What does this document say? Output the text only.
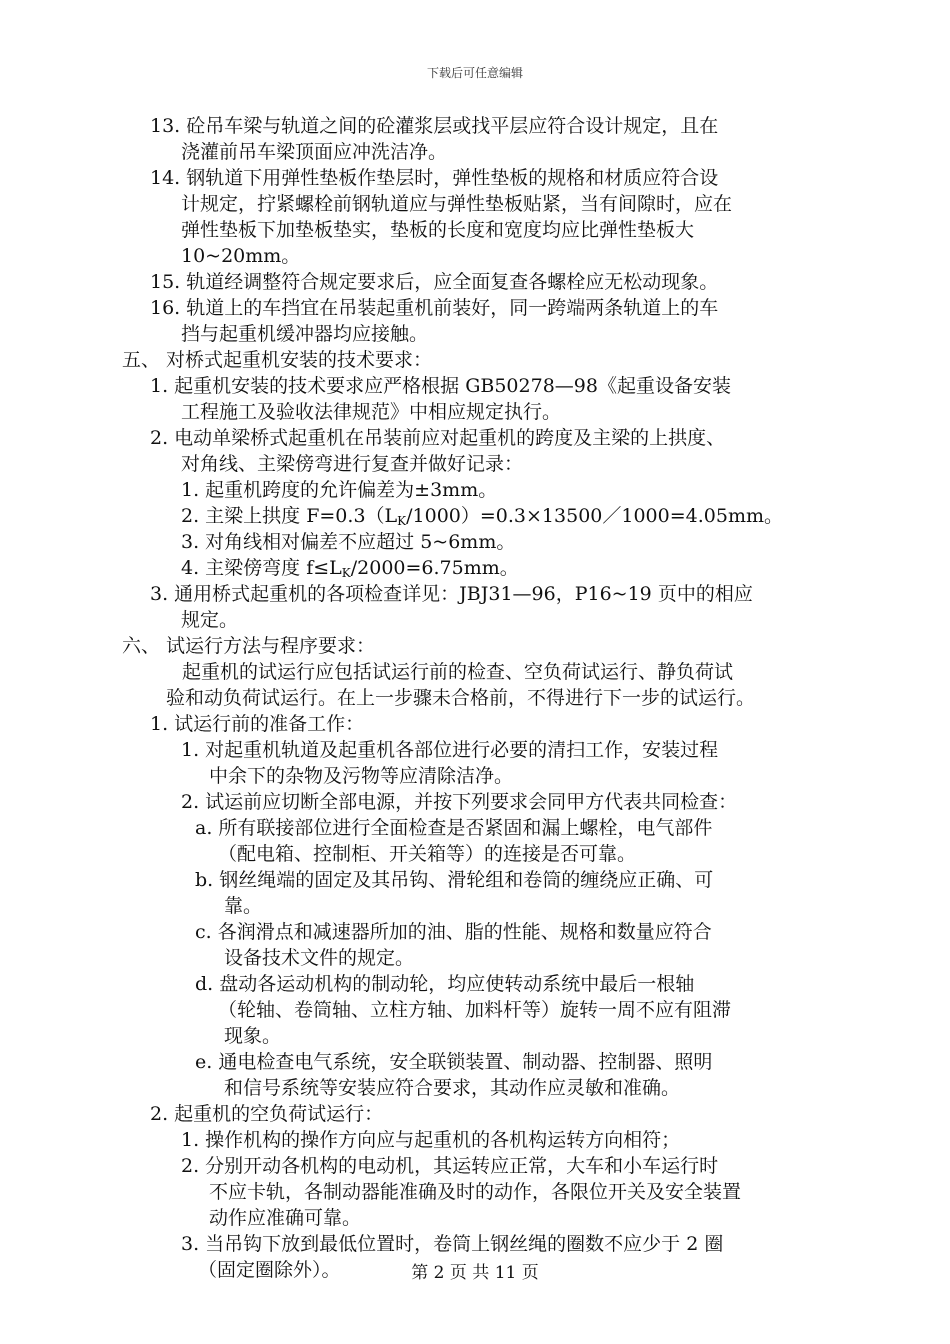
下载后可任意编辑
13. 砼吊车梁与轨道之间的砼灌浆层或找平层应符合设计规定，且在
浇灌前吊车梁顶面应冲洗洁净。
14. 钢轨道下用弹性垫板作垫层时，弹性垫板的规格和材质应符合设
计规定，拧紧螺栓前钢轨道应与弹性垫板贴紧，当有间隙时，应在
弹性垫板下加垫板垫实，垫板的长度和宽度均应比弹性垫板大
10~20mm。
15. 轨道经调整符合规定要求后，应全面复查各螺栓应无松动现象。
16. 轨道上的车挡宜在吊装起重机前装好，同一跨端两条轨道上的车
挡与起重机缓冲器均应接触。
五、 对桥式起重机安装的技术要求：
1. 起重机安装的技术要求应严格根据 GB50278—98《起重设备安装
工程施工及验收法律规范》中相应规定执行。
2. 电动单梁桥式起重机在吊装前应对起重机的跨度及主梁的上拱度、
对角线、主梁傍弯进行复查并做好记录：
1. 起重机跨度的允许偏差为±3mm。
2. 主梁上拱度 $F=0.3(L_K/1000)=0.3\times 13500/1000=4.05mm$。
3. 对角线相对偏差不应超过 5~6mm。
4. 主梁傍弯度 $f\le L_K/2000=6.75mm$。
3. 通用桥式起重机的各项检查详见：JBJ31—96，P16~19 页中的相应
规定。
六、 试运行方法与程序要求：
起重机的试运行应包括试运行前的检查、空负荷试运行、静负荷试
验和动负荷试运行。在上一步骤未合格前，不得进行下一步的试运行。
1. 试运行前的准备工作：
1. 对起重机轨道及起重机各部位进行必要的清扫工作，安装过程
中余下的杂物及污物等应清除洁净。
2. 试运前应切断全部电源，并按下列要求会同甲方代表共同检查：
a. 所有联接部位进行全面检查是否紧固和漏上螺栓，电气部件
（配电箱、控制柜、开关箱等）的连接是否可靠。
b. 钢丝绳端的固定及其吊钩、滑轮组和卷筒的缠绕应正确、可
靠。
c. 各润滑点和减速器所加的油、脂的性能、规格和数量应符合
设备技术文件的规定。
d. 盘动各运动机构的制动轮，均应使转动系统中最后一根轴
（轮轴、卷筒轴、立柱方轴、加料杆等）旋转一周不应有阻滞
现象。
e. 通电检查电气系统，安全联锁装置、制动器、控制器、照明
和信号系统等安装应符合要求，其动作应灵敏和准确。
2. 起重机的空负荷试运行：
1. 操作机构的操作方向应与起重机的各机构运转方向相符；
2. 分别开动各机构的电动机，其运转应正常，大车和小车运行时
不应卡轨，各制动器能准确及时的动作，各限位开关及安全装置
动作应准确可靠。
3. 当吊钩下放到最低位置时，卷筒上钢丝绳的圈数不应少于 2 圈
（固定圈除外）。	第 2 页 共 11 页
